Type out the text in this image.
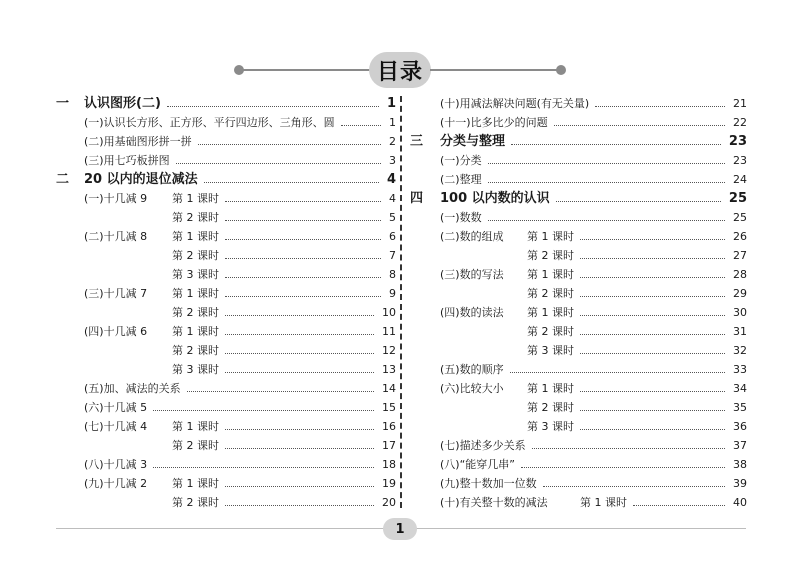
目录
一 认识图形(二)	1
(一)认识长方形、正方形、平行四边形、三角形、圆	1
(二)用基础图形拼一拼	2
(三)用七巧板拼图	3
二 20 以内的退位减法	4
(一)十几减 9 第 1 课时	4
第 2 课时	5
(二)十几减 8 第 1 课时	6
第 2 课时	7
第 3 课时	8
(三)十几减 7 第 1 课时	9
第 2 课时	10
(四)十几减 6 第 1 课时	11
第 2 课时	12
第 3 课时	13
(五)加、减法的关系	14
(六)十几减 5	15
(七)十几减 4 第 1 课时	16
第 2 课时	17
(八)十几减 3	18
(九)十几减 2 第 1 课时	19
第 2 课时	20
(十)用减法解决问题(有无关量)	21
(十一)比多比少的问题	22
三 分类与整理	23
(一)分类	23
(二)整理	24
四 100 以内数的认识	25
(一)数数	25
(二)数的组成 第 1 课时	26
第 2 课时	27
(三)数的写法 第 1 课时	28
第 2 课时	29
(四)数的读法 第 1 课时	30
第 2 课时	31
第 3 课时	32
(五)数的顺序	33
(六)比较大小 第 1 课时	34
第 2 课时	35
第 3 课时	36
(七)描述多少关系	37
(八)“能穿几串”	38
(九)整十数加一位数	39
(十)有关整十数的减法	第 1 课时	40
1
